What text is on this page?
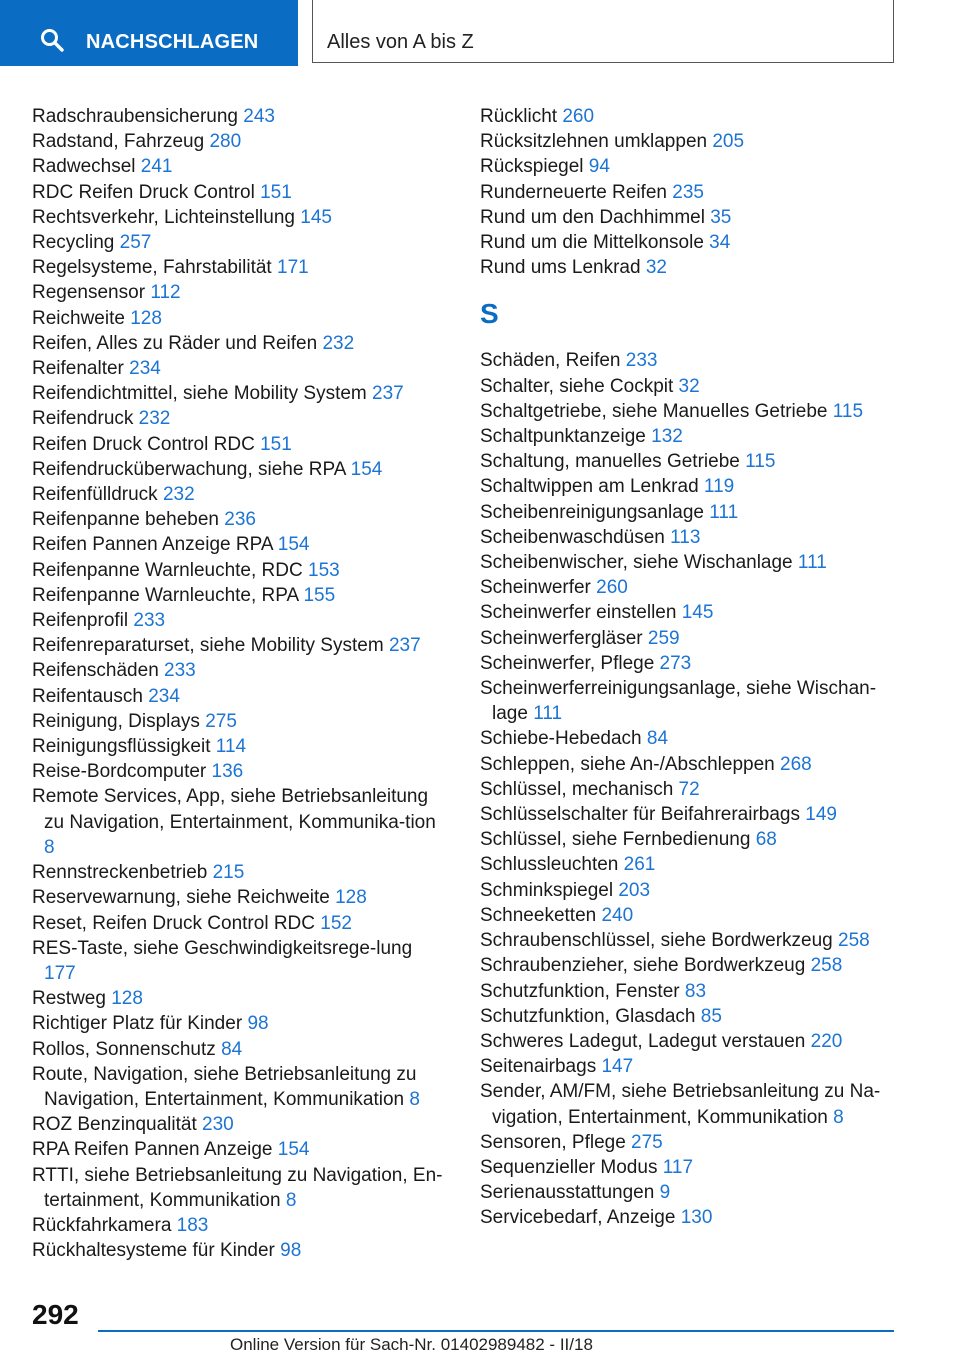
NACHSCHLAGEN	Alles von A bis Z
Radschraubensicherung 243
Radstand, Fahrzeug 280
Radwechsel 241
RDC Reifen Druck Control 151
Rechtsverkehr, Lichteinstellung 145
Recycling 257
Regelsysteme, Fahrstabilität 171
Regensensor 112
Reichweite 128
Reifen, Alles zu Räder und Reifen 232
Reifenalter 234
Reifendichtmittel, siehe Mobility System 237
Reifendruck 232
Reifen Druck Control RDC 151
Reifendrucküberwachung, siehe RPA 154
Reifenfülldruck 232
Reifenpanne beheben 236
Reifen Pannen Anzeige RPA 154
Reifenpanne Warnleuchte, RDC 153
Reifenpanne Warnleuchte, RPA 155
Reifenprofil 233
Reifenreparaturset, siehe Mobility System 237
Reifenschäden 233
Reifentausch 234
Reinigung, Displays 275
Reinigungsflüssigkeit 114
Reise-Bordcomputer 136
Remote Services, App, siehe Betriebsanleitung zu Navigation, Entertainment, Kommunika‐tion 8
Rennstreckenbetrieb 215
Reservewarnung, siehe Reichweite 128
Reset, Reifen Druck Control RDC 152
RES-Taste, siehe Geschwindigkeitsrege‐lung 177
Restweg 128
Richtiger Platz für Kinder 98
Rollos, Sonnenschutz 84
Route, Navigation, siehe Betriebsanleitung zu Navigation, Entertainment, Kommunikation 8
ROZ Benzinqualität 230
RPA Reifen Pannen Anzeige 154
RTTI, siehe Betriebsanleitung zu Navigation, En‐tertainment, Kommunikation 8
Rückfahrkamera 183
Rückhaltesysteme für Kinder 98
Rücklicht 260
Rücksitzlehnen umklappen 205
Rückspiegel 94
Runderneuerte Reifen 235
Rund um den Dachhimmel 35
Rund um die Mittelkonsole 34
Rund ums Lenkrad 32
S
Schäden, Reifen 233
Schalter, siehe Cockpit 32
Schaltgetriebe, siehe Manuelles Getriebe 115
Schaltpunktanzeige 132
Schaltung, manuelles Getriebe 115
Schaltwippen am Lenkrad 119
Scheibenreinigungsanlage 111
Scheibenwaschdüsen 113
Scheibenwischer, siehe Wischanlage 111
Scheinwerfer 260
Scheinwerfer einstellen 145
Scheinwerfergläser 259
Scheinwerfer, Pflege 273
Scheinwerferreinigungsanlage, siehe Wischan‐lage 111
Schiebe-Hebedach 84
Schleppen, siehe An-/Abschleppen 268
Schlüssel, mechanisch 72
Schlüsselschalter für Beifahrerairbags 149
Schlüssel, siehe Fernbedienung 68
Schlussleuchten 261
Schminkspiegel 203
Schneeketten 240
Schraubenschlüssel, siehe Bordwerkzeug 258
Schraubenzieher, siehe Bordwerkzeug 258
Schutzfunktion, Fenster 83
Schutzfunktion, Glasdach 85
Schweres Ladegut, Ladegut verstauen 220
Seitenairbags 147
Sender, AM/FM, siehe Betriebsanleitung zu Na‐vigation, Entertainment, Kommunikation 8
Sensoren, Pflege 275
Sequenzieller Modus 117
Serienausstattungen 9
Servicebedarf, Anzeige 130
292
Online Version für Sach-Nr. 01402989482 - II/18
